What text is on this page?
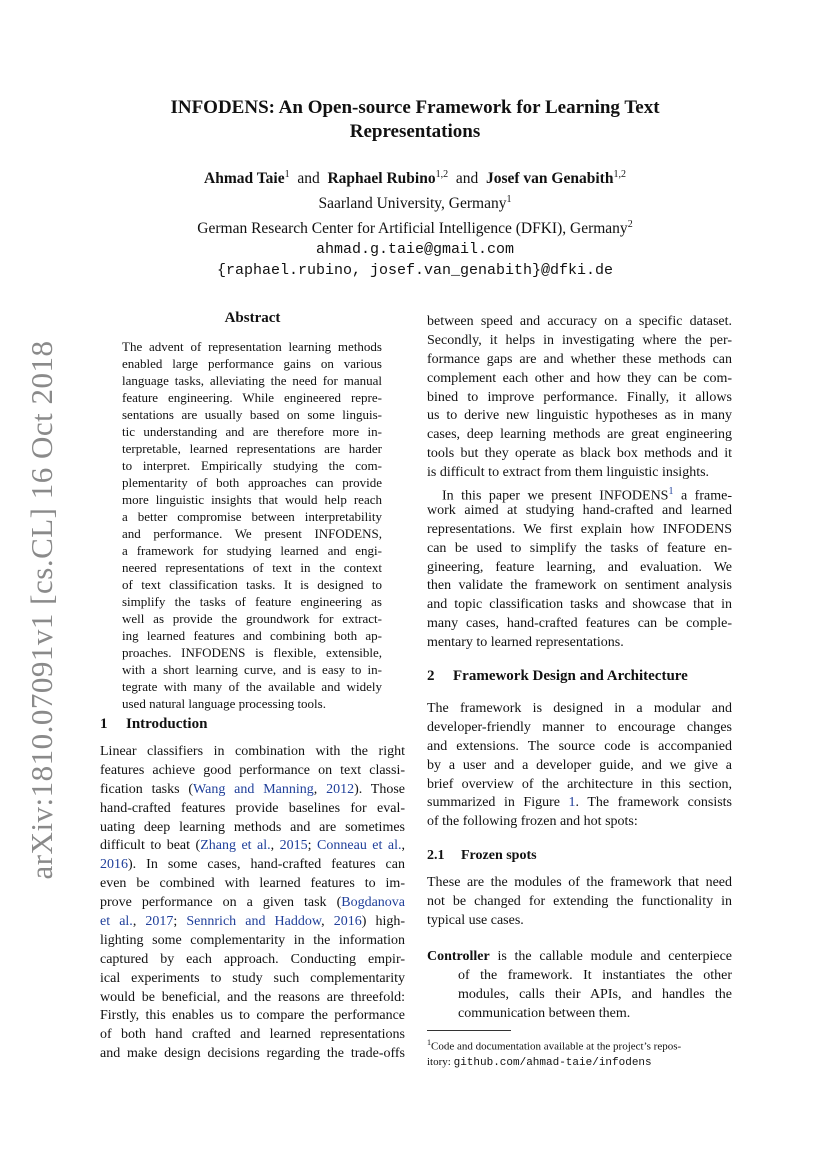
arXiv:1810.07091v1 [cs.CL] 16 Oct 2018
INFODENS: An Open-source Framework for Learning Text
Representations
Ahmad Taie$^1$ and Raphael Rubino$^{1,2}$ and Josef van Genabith$^{1,2}$
Saarland University, Germany$^1$
German Research Center for Artificial Intelligence (DFKI), Germany$^2$
ahmad.g.taie@gmail.com
{raphael.rubino, josef.van_genabith}@dfki.de
Abstract
The advent of representation learning methods
enabled large performance gains on various
language tasks, alleviating the need for manual
feature engineering. While engineered repre-
sentations are usually based on some linguis-
tic understanding and are therefore more in-
terpretable, learned representations are harder
to interpret. Empirically studying the com-
plementarity of both approaches can provide
more linguistic insights that would help reach
a better compromise between interpretability
and performance. We present INFODENS,
a framework for studying learned and engi-
neered representations of text in the context
of text classification tasks. It is designed to
simplify the tasks of feature engineering as
well as provide the groundwork for extract-
ing learned features and combining both ap-
proaches. INFODENS is flexible, extensible,
with a short learning curve, and is easy to in-
tegrate with many of the available and widely
used natural language processing tools.
1 Introduction
Linear classifiers in combination with the right
features achieve good performance on text classi-
fication tasks (Wang and Manning, 2012). Those
hand-crafted features provide baselines for eval-
uating deep learning methods and are sometimes
difficult to beat (Zhang et al., 2015; Conneau et al.,
2016). In some cases, hand-crafted features can
even be combined with learned features to im-
prove performance on a given task (Bogdanova
et al., 2017; Sennrich and Haddow, 2016) high-
lighting some complementarity in the information
captured by each approach. Conducting empir-
ical experiments to study such complementarity
would be beneficial, and the reasons are threefold:
Firstly, this enables us to compare the performance
of both hand crafted and learned representations
and make design decisions regarding the trade-offs
between speed and accuracy on a specific dataset.
Secondly, it helps in investigating where the per-
formance gaps are and whether these methods can
complement each other and how they can be com-
bined to improve performance. Finally, it allows
us to derive new linguistic hypotheses as in many
cases, deep learning methods are great engineering
tools but they operate as black box methods and it
is difficult to extract from them linguistic insights.
In this paper we present INFODENS$^1$ a frame-
work aimed at studying hand-crafted and learned
representations. We first explain how INFODENS
can be used to simplify the tasks of feature en-
gineering, feature learning, and evaluation. We
then validate the framework on sentiment analysis
and topic classification tasks and showcase that in
many cases, hand-crafted features can be comple-
mentary to learned representations.
2 Framework Design and Architecture
The framework is designed in a modular and
developer-friendly manner to encourage changes
and extensions. The source code is accompanied
by a user and a developer guide, and we give a
brief overview of the architecture in this section,
summarized in Figure 1. The framework consists
of the following frozen and hot spots:
2.1 Frozen spots
These are the modules of the framework that need
not be changed for extending the functionality in
typical use cases.
Controller is the callable module and centerpiece
of the framework. It instantiates the other
modules, calls their APIs, and handles the
communication between them.
$^1$Code and documentation available at the project’s repos-
itory: github.com/ahmad-taie/infodens
